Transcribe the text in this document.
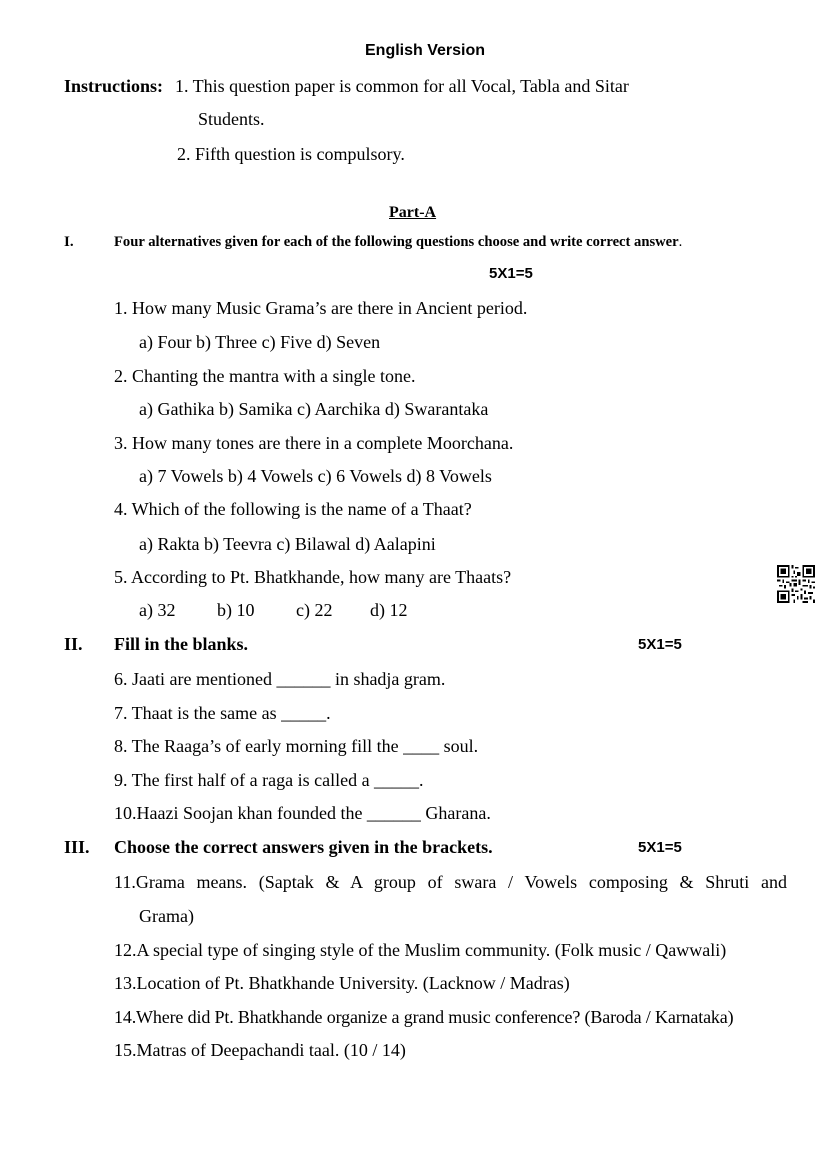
English Version
Instructions: 1. This question paper is common for all Vocal, Tabla and Sitar
Students.
2. Fifth question is compulsory.
Part-A
I.	Four alternatives given for each of the following questions choose and write correct answer.
5X1=5
1. How many Music Grama’s are there in Ancient period.
a) Four b) Three c) Five d) Seven
2. Chanting the mantra with a single tone.
a) Gathika b) Samika c) Aarchika d) Swarantaka
3. How many tones are there in a complete Moorchana.
a) 7 Vowels b) 4 Vowels c) 6 Vowels d) 8 Vowels
4. Which of the following is the name of a Thaat?
a) Rakta b) Teevra c) Bilawal d) Aalapini
5. According to Pt. Bhatkhande, how many are Thaats?
a) 32 b) 10 c) 22 d) 12
II. Fill in the blanks.	5X1=5
6. Jaati are mentioned ______ in shadja gram.
7. Thaat is the same as _____.
8. The Raaga’s of early morning fill the ____ soul.
9. The first half of a raga is called a _____.
10.Haazi Soojan khan founded the ______ Gharana.
III. Choose the correct answers given in the brackets.	5X1=5
11.Grama means. (Saptak & A group of swara / Vowels composing & Shruti and
Grama)
12.A special type of singing style of the Muslim community. (Folk music / Qawwali)
13.Location of Pt. Bhatkhande University. (Lacknow / Madras)
14.Where did Pt. Bhatkhande organize a grand music conference? (Baroda / Karnataka)
15.Matras of Deepachandi taal. (10 / 14)
